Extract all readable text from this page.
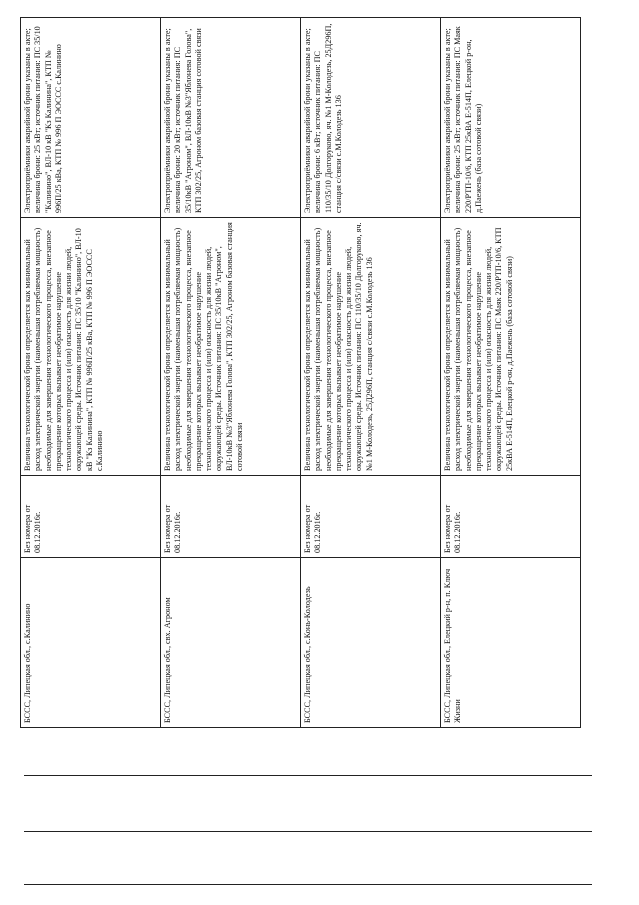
БССС, Липецкая обл., с.Калинино	Без номера от 08.12.2016г.	Величина технологической брони определяется как минимальный расход электрической энергии (наименьшая потребляемая мощность) необходимые для завершения технологического процесса, внезапное прекращение которых вызывает необратимое нарушение технологического процесса и (или) опасность для жизни людей, окружающей среды. Источник питания: ПС 35/10 "Калинино", ВЛ-10 кВ "Кз Калинина", КТП № 996П/25 кВа, КТП № 996 П ЭОССС с.Калинино	Электроприёмники аварийной брони указаны в акте; величина брони: 25 кВт; источник питания: ПС 35/10 "Калинино", ВЛ-10 кВ "Кз Калинина", КТП № 996П/25 кВа, КТП № 996 П ЭОССС с.Калинино
БССС, Липецкая обл., свх. Агроном	Без номера от 08.12.2016г.	Величина технологической брони определяется как минимальный расход электрической энергии (наименьшая потребляемая мощность) необходимые для завершения технологического процесса, внезапное прекращение которых вызывает необратимое нарушение технологического процесса и (или) опасность для жизни людей, окружающей среды. Источник питания: ПС 35/10кВ "Агроном", ВЛ-10кВ №3"Яблонева Голова", КТП 302/25, Агроном базовая станция сотовой связи	Электроприёмники аварийной брони указаны в акте; величина брони: 20 кВт; источник питания: ПС 35/10кВ "Агроном", ВЛ-10кВ №3"Яблонева Голова", КТП 302/25, Агроном базовая станция сотовой связи
БССС, Липецкая обл., с.Конь-Колодезь	Без номера от 08.12.2016г.	Величина технологической брони определяется как минимальный расход электрической энергии (наименьшая потребляемая мощность) необходимые для завершения технологического процесса, внезапное прекращение которых вызывает необратимое нарушение технологического процесса и (или) опасность для жизни людей, окружающей среды. Источник питания: ПС 110/35/10 Долгоруково, яч. №1 М-Колодезь, 25Д296П, станция с/связи с.М.Колодезь 136	Электроприёмники аварийной брони указаны в акте; величина брони: 6 кВт; источник питания: ПС 110/35/10 Долгоруково, яч. №1 М-Колодезь, 25Д296П, станция с/связи с.М.Колодезь 136
БССС, Липецкая обл., Елецкий р-н, п. Ключ Жизни	Без номера от 08.12.2016г.	Величина технологической брони определяется как минимальный расход электрической энергии (наименьшая потребляемая мощность) необходимые для завершения технологического процесса, внезапное прекращение которых вызывает необратимое нарушение технологического процесса и (или) опасность для жизни людей, окружающей среды. Источник питания: ПС Маяк 220/РТП-10/6, КТП 25кВА Е-514П, Елецкой р-он, д.Паежень (база сотовой связи)	Электроприёмники аварийной брони указаны в акте; величина брони: 25 кВт; источник питания: ПС Маяк 220/РТП-10/6, КТП 25кВА Е-514П, Елецкой р-он, д.Паежень (база сотовой связи)
